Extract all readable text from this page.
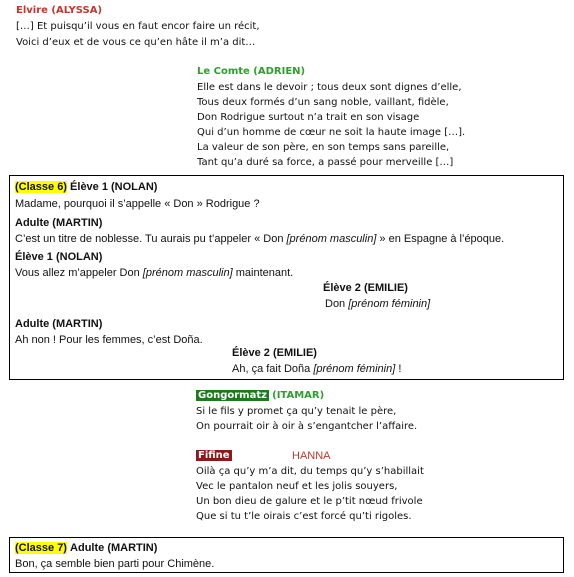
Elvire (ALYSSA)
[…] Et puisqu’il vous en faut encor faire un récit,
Voici d’eux et de vous ce qu’en hâte il m’a dit…
Le Comte (ADRIEN)
Elle est dans le devoir ; tous deux sont dignes d’elle,
Tous deux formés d’un sang noble, vaillant, fidèle,
Don Rodrigue surtout n’a trait en son visage
Qui d’un homme de cœur ne soit la haute image […].
La valeur de son père, en son temps sans pareille,
Tant qu’a duré sa force, a passé pour merveille […]
(Classe 6) Élève 1 (NOLAN)
Madame, pourquoi il s’appelle « Don » Rodrigue ?
Adulte (MARTIN)
C’est un titre de noblesse. Tu aurais pu t’appeler « Don [prénom masculin] » en Espagne à l’époque.
Élève 1 (NOLAN)
Vous allez m’appeler Don [prénom masculin] maintenant.
Élève 2 (EMILIE)
Don [prénom féminin]
Adulte (MARTIN)
Ah non ! Pour les femmes, c’est Doña.
Élève 2 (EMILIE)
Ah, ça fait Doña [prénom féminin] !
Gongormatz (ITAMAR)
Si le fils y promet ça qu’y tenait le père,
On pourrait oir à oir à s’engantcher l’affaire.
Fifine	HANNA
Oilà ça qu’y m’a dit, du temps qu’y s’habillait
Vec le pantalon neuf et les jolis souyers,
Un bon dieu de galure et le p’tit nœud frivole
Que si tu t’le oirais c’est forcé qu’ti rigoles.
(Classe 7) Adulte (MARTIN)
Bon, ça semble bien parti pour Chimène.
